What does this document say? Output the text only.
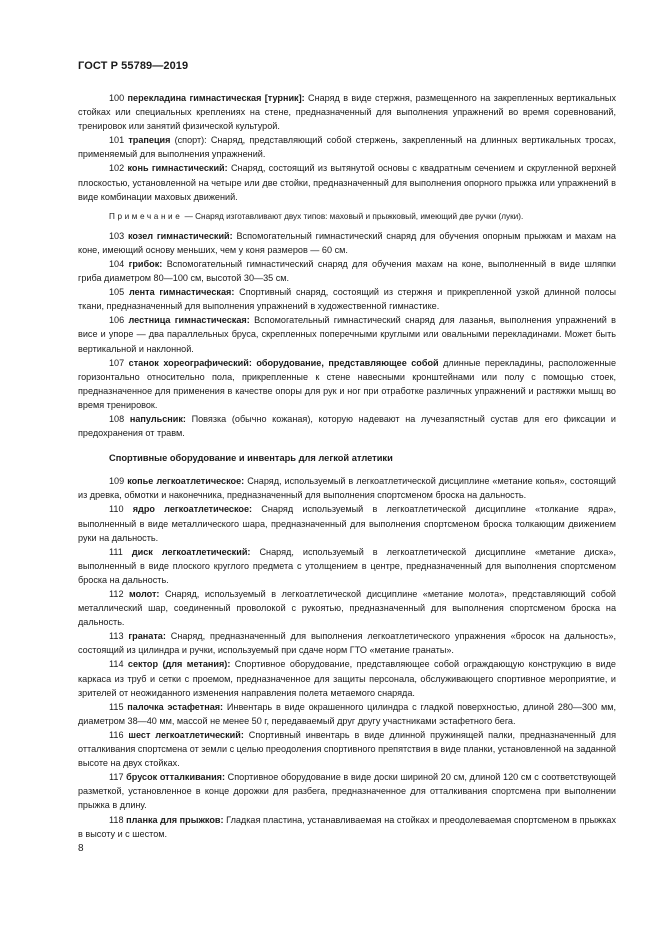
ГОСТ Р 55789—2019

100 перекладина гимнастическая [турник]: Снаряд в виде стержня, размещенного на закрепленных вертикальных стойках или специальных креплениях на стене, предназначенный для выполнения упражнений во время соревнований, тренировок или занятий физической культурой.

101 трапеция (спорт): Снаряд, представляющий собой стержень, закрепленный на длинных вертикальных тросах, применяемый для выполнения упражнений.

102 конь гимнастический: Снаряд, состоящий из вытянутой основы с квадратным сечением и скругленной верхней плоскостью, установленной на четыре или две стойки, предназначенный для выполнения опорного прыжка или упражнений в виде комбинации маховых движений.

Примечание — Снаряд изготавливают двух типов: маховый и прыжковый, имеющий две ручки (луки).

103 козел гимнастический: Вспомогательный гимнастический снаряд для обучения опорным прыжкам и махам на коне, имеющий основу меньших, чем у коня размеров — 60 см.

104 грибок: Вспомогательный гимнастический снаряд для обучения махам на коне, выполненный в виде шляпки гриба диаметром 80—100 см, высотой 30—35 см.

105 лента гимнастическая: Спортивный снаряд, состоящий из стержня и прикрепленной узкой длинной полосы ткани, предназначенный для выполнения упражнений в художественной гимнастике.

106 лестница гимнастическая: Вспомогательный гимнастический снаряд для лазанья, выполнения упражнений в висе и упоре — два параллельных бруса, скрепленных поперечными круглыми или овальными перекладинами. Может быть вертикальной и наклонной.

107 станок хореографический: оборудование, представляющее собой длинные перекладины, расположенные горизонтально относительно пола, прикрепленные к стене навесными кронштейнами или полу с помощью стоек, предназначенное для применения в качестве опоры для рук и ног при отработке различных упражнений и растяжки мышц во время тренировок.

108 напульсник: Повязка (обычно кожаная), которую надевают на лучезапястный сустав для его фиксации и предохранения от травм.

Спортивные оборудование и инвентарь для легкой атлетики

109 копье легкоатлетическое: Снаряд, используемый в легкоатлетической дисциплине «метание копья», состоящий из древка, обмотки и наконечника, предназначенный для выполнения спортсменом броска на дальность.

110 ядро легкоатлетическое: Снаряд используемый в легкоатлетической дисциплине «толкание ядра», выполненный в виде металлического шара, предназначенный для выполнения спортсменом броска толкающим движением руки на дальность.

111 диск легкоатлетический: Снаряд, используемый в легкоатлетической дисциплине «метание диска», выполненный в виде плоского круглого предмета с утолщением в центре, предназначенный для выполнения спортсменом броска на дальность.

112 молот: Снаряд, используемый в легкоатлетической дисциплине «метание молота», представляющий собой металлический шар, соединенный проволокой с рукоятью, предназначенный для выполнения спортсменом броска на дальность.

113 граната: Снаряд, предназначенный для выполнения легкоатлетического упражнения «бросок на дальность», состоящий из цилиндра и ручки, используемый при сдаче норм ГТО «метание гранаты».

114 сектор (для метания): Спортивное оборудование, представляющее собой ограждающую конструкцию в виде каркаса из труб и сетки с проемом, предназначенное для защиты персонала, обслуживающего спортивное мероприятие, и зрителей от неожиданного изменения направления полета метаемого снаряда.

115 палочка эстафетная: Инвентарь в виде окрашенного цилиндра с гладкой поверхностью, длиной 280—300 мм, диаметром 38—40 мм, массой не менее 50 г, передаваемый друг другу участниками эстафетного бега.

116 шест легкоатлетический: Спортивный инвентарь в виде длинной пружинящей палки, предназначенный для отталкивания спортсмена от земли с целью преодоления спортивного препятствия в виде планки, установленной на заданной высоте на двух стойках.

117 брусок отталкивания: Спортивное оборудование в виде доски шириной 20 см, длиной 120 см с соответствующей разметкой, установленное в конце дорожки для разбега, предназначенное для отталкивания спортсмена при выполнении прыжка в длину.

118 планка для прыжков: Гладкая пластина, устанавливаемая на стойках и преодолеваемая спортсменом в прыжках в высоту и с шестом.

8
